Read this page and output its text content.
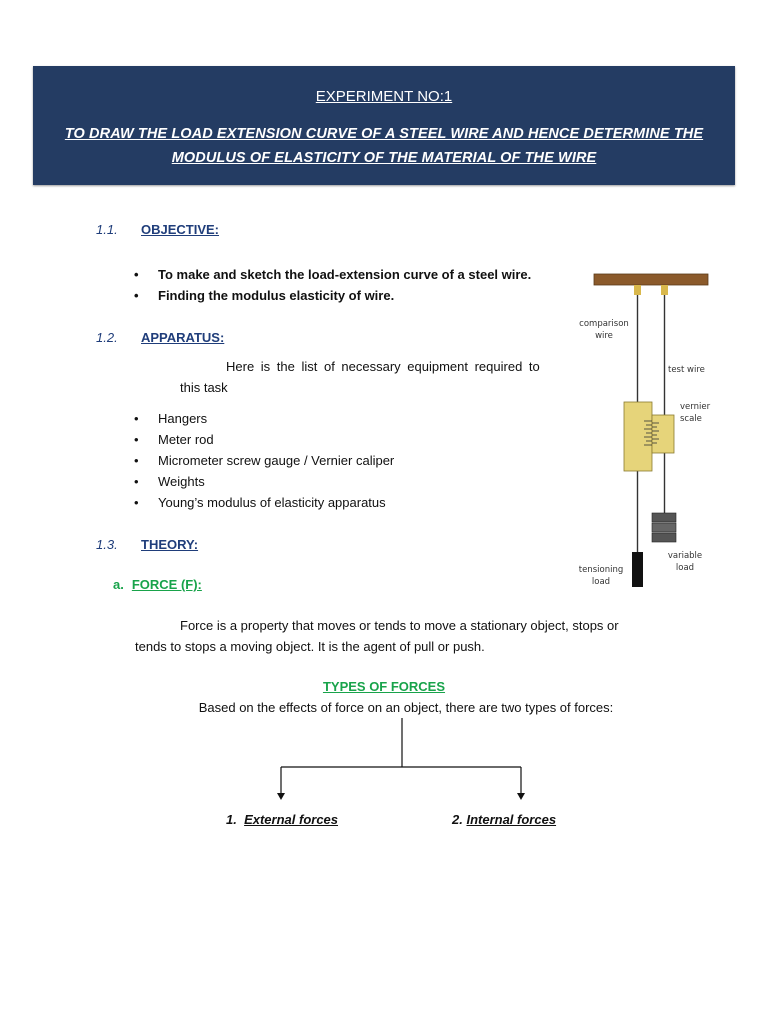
EXPERIMENT NO:1
TO DRAW THE LOAD EXTENSION CURVE OF A STEEL WIRE AND HENCE DETERMINE THE
MODULUS OF ELASTICITY OF THE MATERIAL OF THE WIRE
1.1. OBJECTIVE:
• To make and sketch the load-extension curve of a steel wire.
• Finding the modulus elasticity of wire.
1.2. APPARATUS:
Here is the list of necessary equipment required to
this task
• Hangers
• Meter rod
• Micrometer screw gauge / Vernier caliper
• Weights
• Young’s modulus of elasticity apparatus
1.3. THEORY:
a. FORCE (F):
Force is a property that moves or tends to move a stationary object, stops or
tends to stops a moving object. It is the agent of pull or push.
TYPES OF FORCES
Based on the effects of force on an object, there are two types of forces:
1. External forces	2. Internal forces
comparison
wire
test wire
vernier
scale
variable
load
tensioning
load
